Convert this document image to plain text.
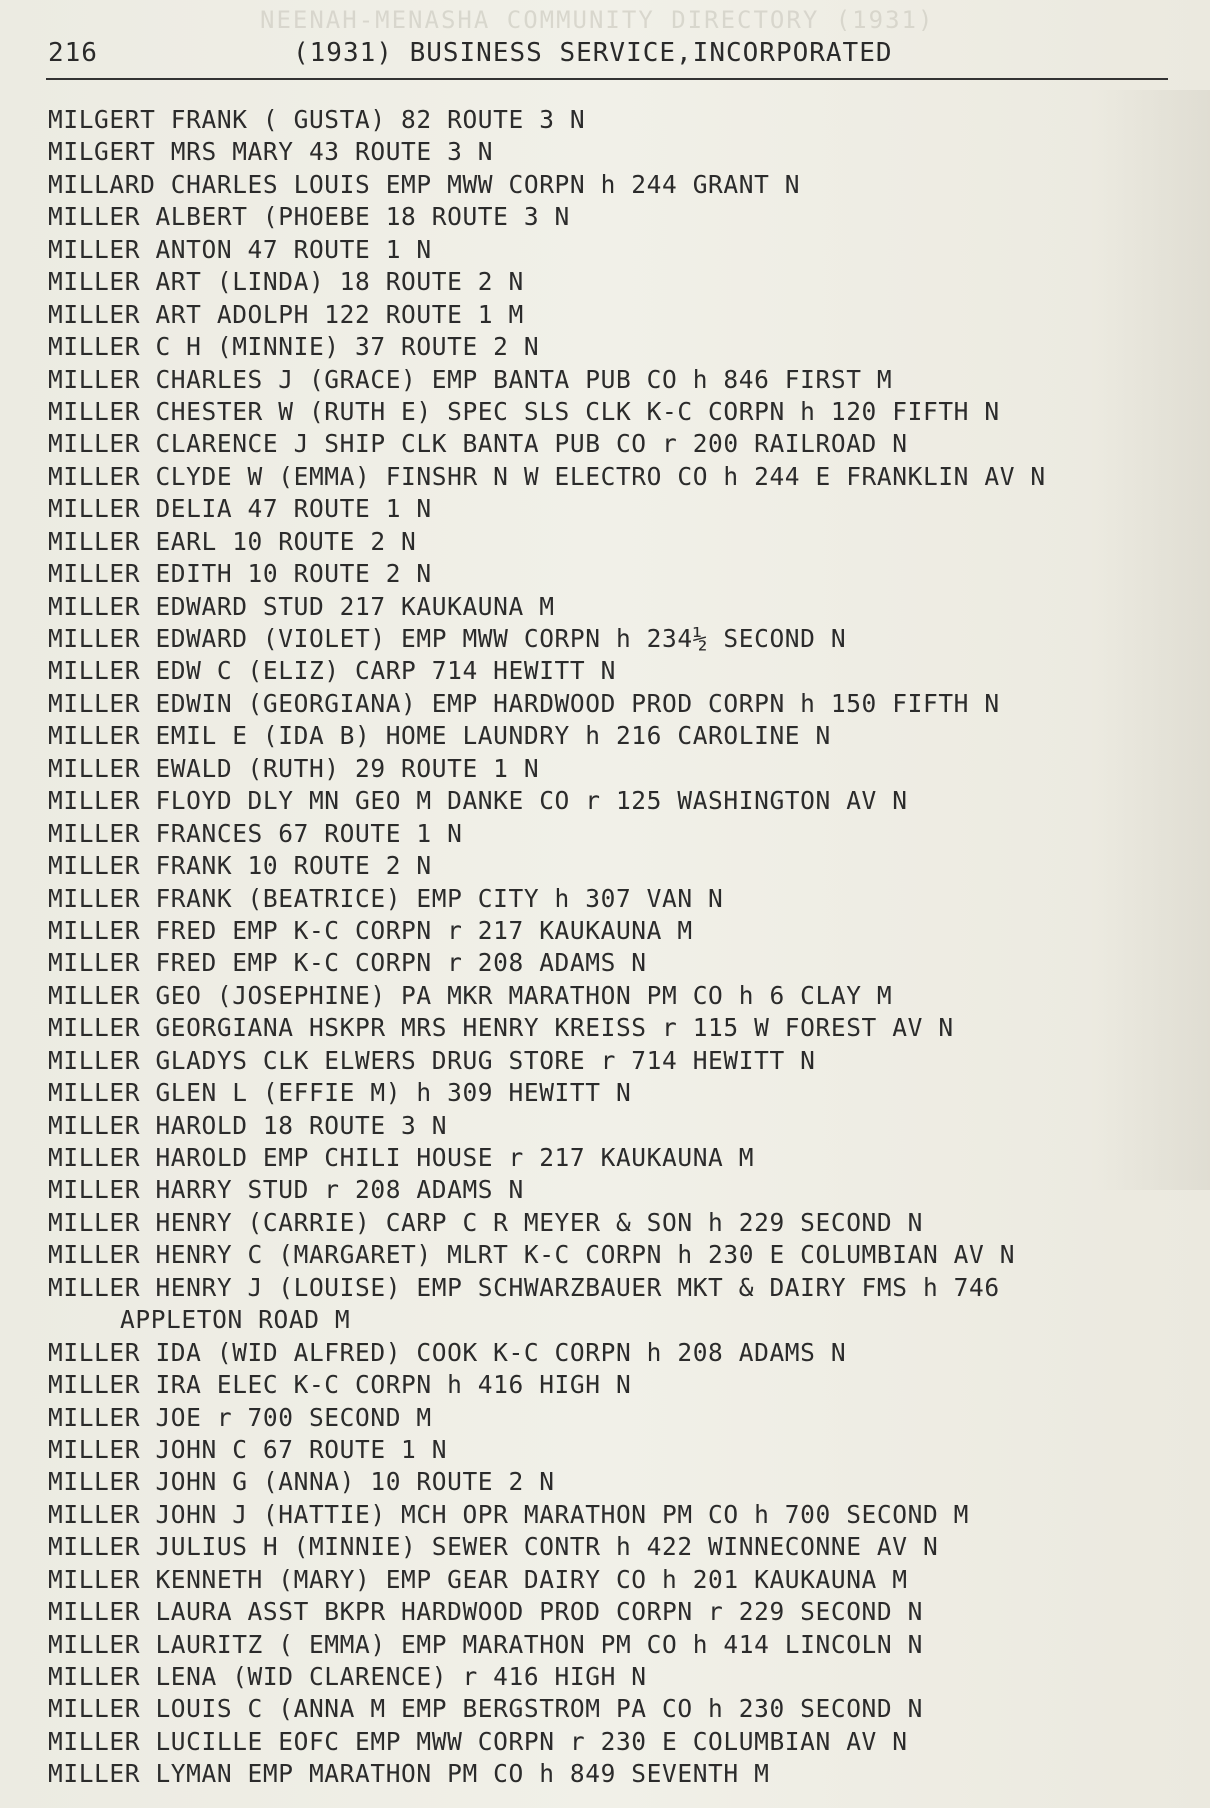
NEENAH-MENASHA COMMUNITY DIRECTORY (1931)
216	(1931) BUSINESS SERVICE,INCORPORATED
MILGERT FRANK ( GUSTA) 82 ROUTE 3 N
MILGERT MRS MARY 43 ROUTE 3 N
MILLARD CHARLES LOUIS EMP MWW CORPN h 244 GRANT N
MILLER ALBERT (PHOEBE 18 ROUTE 3 N
MILLER ANTON 47 ROUTE 1 N
MILLER ART (LINDA) 18 ROUTE 2 N
MILLER ART ADOLPH 122 ROUTE 1 M
MILLER C H (MINNIE) 37 ROUTE 2 N
MILLER CHARLES J (GRACE) EMP BANTA PUB CO h 846 FIRST M
MILLER CHESTER W (RUTH E) SPEC SLS CLK K-C CORPN h 120 FIFTH N
MILLER CLARENCE J SHIP CLK BANTA PUB CO r 200 RAILROAD N
MILLER CLYDE W (EMMA) FINSHR N W ELECTRO CO h 244 E FRANKLIN AV N
MILLER DELIA 47 ROUTE 1 N
MILLER EARL 10 ROUTE 2 N
MILLER EDITH 10 ROUTE 2 N
MILLER EDWARD STUD 217 KAUKAUNA M
MILLER EDWARD (VIOLET) EMP MWW CORPN h 234½ SECOND N
MILLER EDW C (ELIZ) CARP 714 HEWITT N
MILLER EDWIN (GEORGIANA) EMP HARDWOOD PROD CORPN h 150 FIFTH N
MILLER EMIL E (IDA B) HOME LAUNDRY h 216 CAROLINE N
MILLER EWALD (RUTH) 29 ROUTE 1 N
MILLER FLOYD DLY MN GEO M DANKE CO r 125 WASHINGTON AV N
MILLER FRANCES 67 ROUTE 1 N
MILLER FRANK 10 ROUTE 2 N
MILLER FRANK (BEATRICE) EMP CITY h 307 VAN N
MILLER FRED EMP K-C CORPN r 217 KAUKAUNA M
MILLER FRED EMP K-C CORPN r 208 ADAMS N
MILLER GEO (JOSEPHINE) PA MKR MARATHON PM CO h 6 CLAY M
MILLER GEORGIANA HSKPR MRS HENRY KREISS r 115 W FOREST AV N
MILLER GLADYS CLK ELWERS DRUG STORE r 714 HEWITT N
MILLER GLEN L (EFFIE M) h 309 HEWITT N
MILLER HAROLD 18 ROUTE 3 N
MILLER HAROLD EMP CHILI HOUSE r 217 KAUKAUNA M
MILLER HARRY STUD r 208 ADAMS N
MILLER HENRY (CARRIE) CARP C R MEYER & SON h 229 SECOND N
MILLER HENRY C (MARGARET) MLRT K-C CORPN h 230 E COLUMBIAN AV N
MILLER HENRY J (LOUISE) EMP SCHWARZBAUER MKT & DAIRY FMS h 746
APPLETON ROAD M
MILLER IDA (WID ALFRED) COOK K-C CORPN h 208 ADAMS N
MILLER IRA ELEC K-C CORPN h 416 HIGH N
MILLER JOE r 700 SECOND M
MILLER JOHN C 67 ROUTE 1 N
MILLER JOHN G (ANNA) 10 ROUTE 2 N
MILLER JOHN J (HATTIE) MCH OPR MARATHON PM CO h 700 SECOND M
MILLER JULIUS H (MINNIE) SEWER CONTR h 422 WINNECONNE AV N
MILLER KENNETH (MARY) EMP GEAR DAIRY CO h 201 KAUKAUNA M
MILLER LAURA ASST BKPR HARDWOOD PROD CORPN r 229 SECOND N
MILLER LAURITZ ( EMMA) EMP MARATHON PM CO h 414 LINCOLN N
MILLER LENA (WID CLARENCE) r 416 HIGH N
MILLER LOUIS C (ANNA M EMP BERGSTROM PA CO h 230 SECOND N
MILLER LUCILLE EOFC EMP MWW CORPN r 230 E COLUMBIAN AV N
MILLER LYMAN EMP MARATHON PM CO h 849 SEVENTH M
